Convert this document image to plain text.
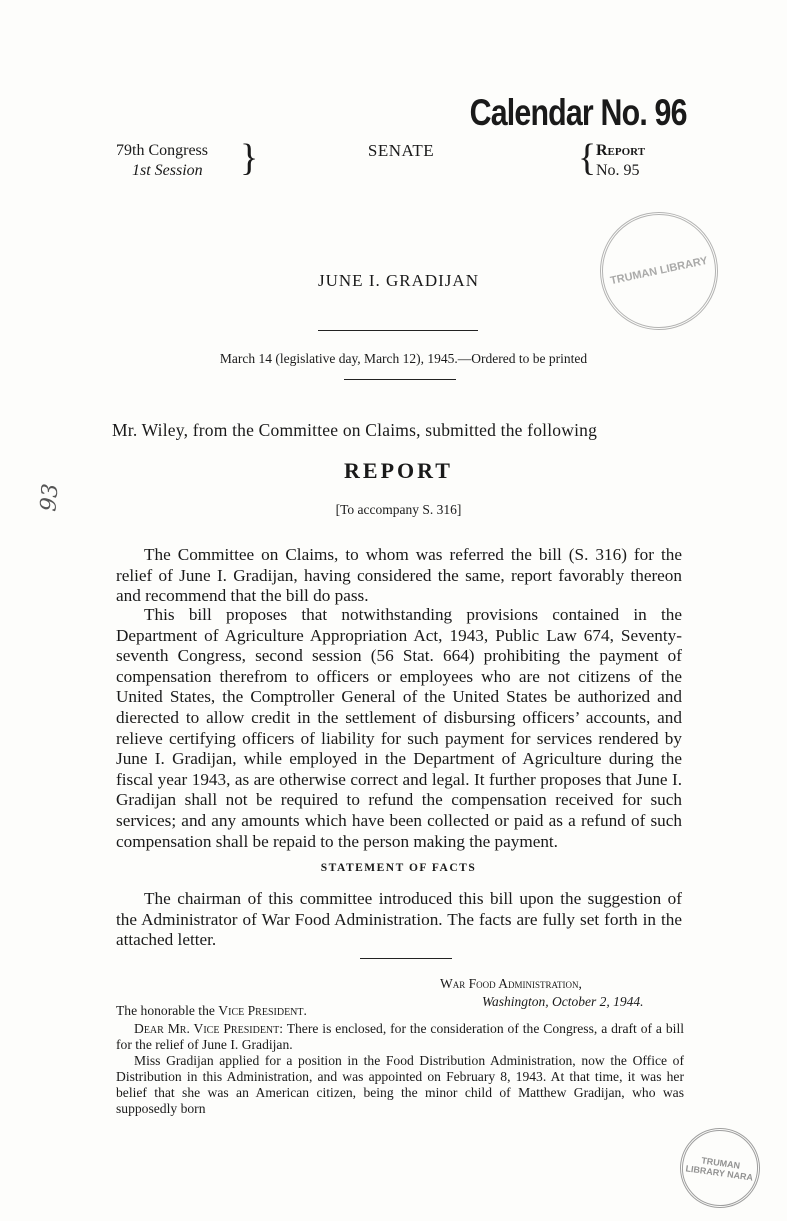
Calendar No. 96
79th Congress
1st Session }	SENATE	{ Report
No. 95
JUNE I. GRADIJAN
March 14 (legislative day, March 12), 1945.—Ordered to be printed
Mr. Wiley, from the Committee on Claims, submitted the following
REPORT
[To accompany S. 316]

The Committee on Claims, to whom was referred the bill (S. 316) for the relief of June I. Gradijan, having considered the same, report favorably thereon and recommend that the bill do pass.

This bill proposes that notwithstanding provisions contained in the Department of Agriculture Appropriation Act, 1943, Public Law 674, Seventy-seventh Congress, second session (56 Stat. 664) prohibiting the payment of compensation therefrom to officers or employees who are not citizens of the United States, the Comptroller General of the United States be authorized and dierected to allow credit in the settlement of disbursing officers’ accounts, and relieve certifying officers of liability for such payment for services rendered by June I. Gradijan, while employed in the Department of Agriculture during the fiscal year 1943, as are otherwise correct and legal. It further proposes that June I. Gradijan shall not be required to refund the compensation received for such services; and any amounts which have been collected or paid as a refund of such compensation shall be repaid to the person making the payment.

STATEMENT OF FACTS

The chairman of this committee introduced this bill upon the suggestion of the Administrator of War Food Administration. The facts are fully set forth in the attached letter.

War Food Administration,
Washington, October 2, 1944.
The honorable the Vice President.

Dear Mr. Vice President: There is enclosed, for the consideration of the Congress, a draft of a bill for the relief of June I. Gradijan.

Miss Gradijan applied for a position in the Food Distribution Administration, now the Office of Distribution in this Administration, and was appointed on February 8, 1943. At that time, it was her belief that she was an American citizen, being the minor child of Matthew Gradijan, who was supposedly born

93
TRUMAN LIBRARY
TRUMAN LIBRARY NARA
